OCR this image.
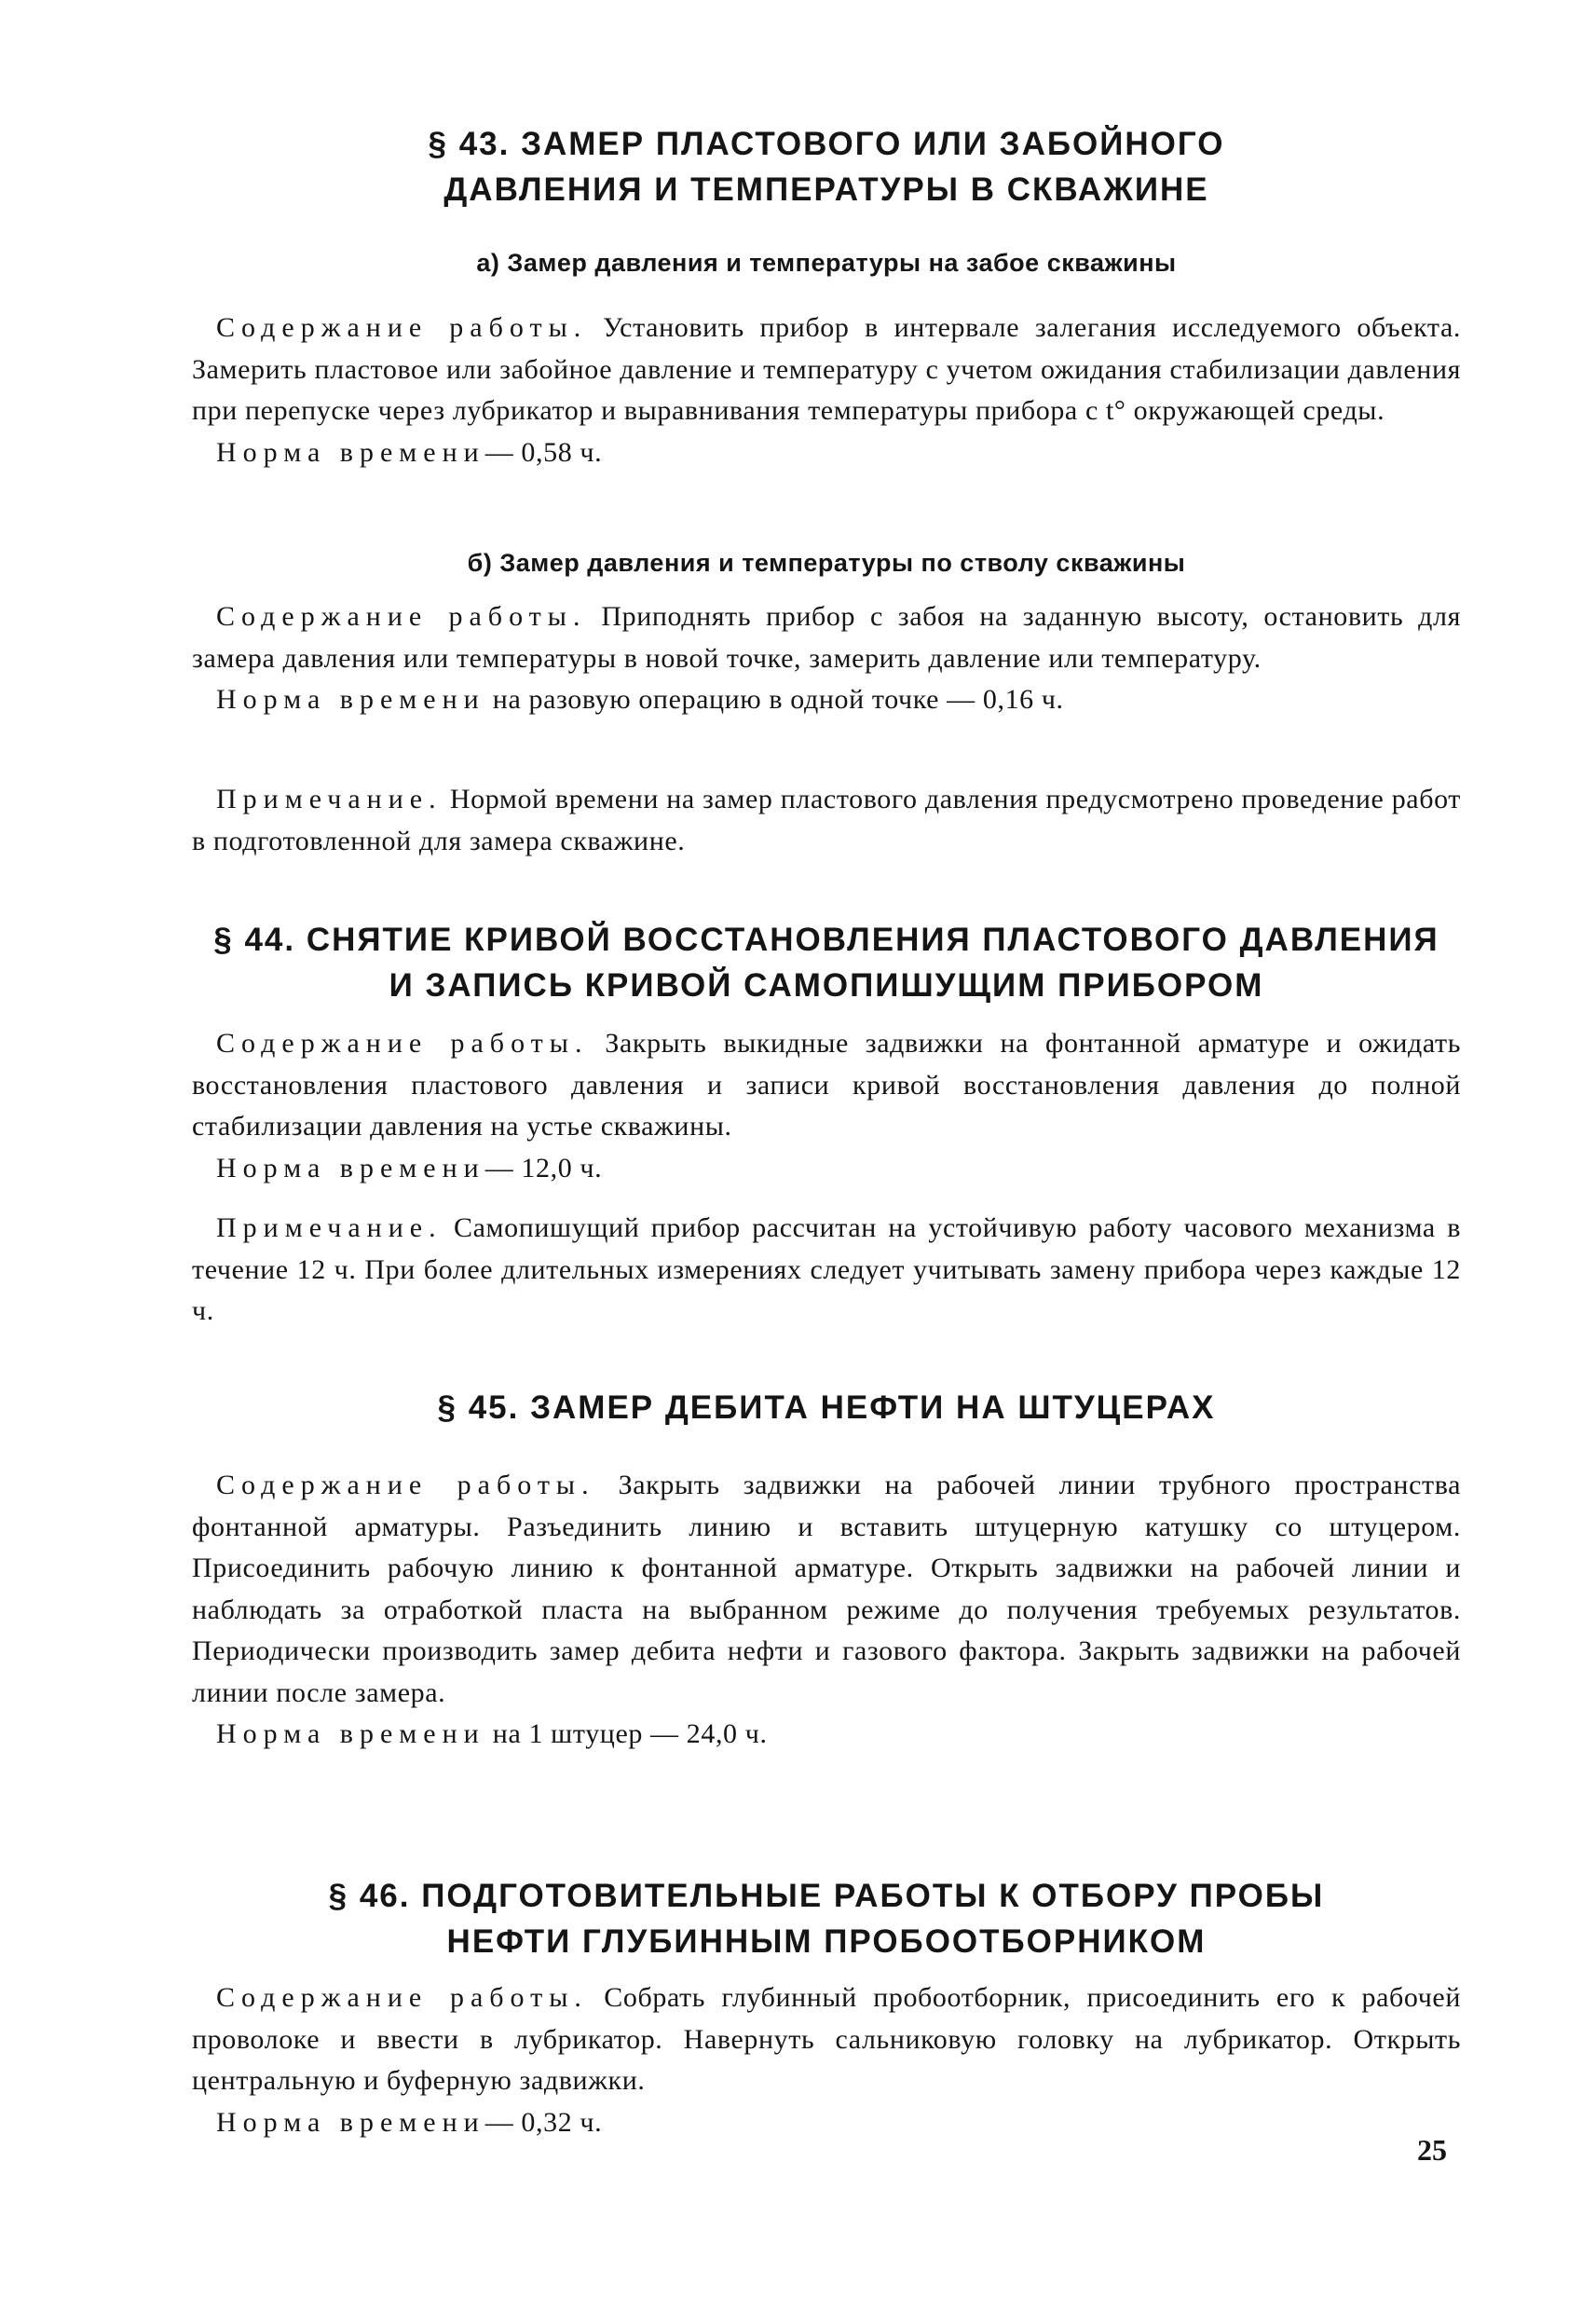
§ 43. ЗАМЕР ПЛАСТОВОГО ИЛИ ЗАБОЙНОГО

ДАВЛЕНИЯ И ТЕМПЕРАТУРЫ В СКВАЖИНЕ

а) Замер давления и температуры на забое скважины

Содержание работы. Установить прибор в интервале залегания исследуемого объекта. Замерить пластовое или забойное давление и температуру с учетом ожидания стабилизации давления при перепуске через лубрикатор и выравнивания температуры прибора с t° окружающей среды.

Норма времени— 0,58 ч.

б) Замер давления и температуры по стволу скважины

Содержание работы. Приподнять прибор с забоя на заданную высоту, остановить для замера давления или температуры в новой точке, замерить давление или температуру.

Норма времени на разовую операцию в одной точке — 0,16 ч.

Примечание. Нормой времени на замер пластового давления предусмотрено проведение работ в подготовленной для замера скважине.

§ 44. СНЯТИЕ КРИВОЙ ВОССТАНОВЛЕНИЯ ПЛАСТОВОГО ДАВЛЕНИЯ

И ЗАПИСЬ КРИВОЙ САМОПИШУЩИМ ПРИБОРОМ

Содержание работы. Закрыть выкидные задвижки на фонтанной арматуре и ожидать восстановления пластового давления и записи кривой восстановления давления до полной стабилизации давления на устье скважины.

Норма времени— 12,0 ч.

Примечание. Самопишущий прибор рассчитан на устойчивую работу часового механизма в течение 12 ч. При более длительных измерениях следует учитывать замену прибора через каждые 12 ч.

§ 45. ЗАМЕР ДЕБИТА НЕФТИ НА ШТУЦЕРАХ

Содержание работы. Закрыть задвижки на рабочей линии трубного пространства фонтанной арматуры. Разъединить линию и вставить штуцерную катушку со штуцером. Присоединить рабочую линию к фонтанной арматуре. Открыть задвижки на рабочей линии и наблюдать за отработкой пласта на выбранном режиме до получения требуемых результатов. Периодически производить замер дебита нефти и газового фактора. Закрыть задвижки на рабочей линии после замера.

Норма времени на 1 штуцер — 24,0 ч.

§ 46. ПОДГОТОВИТЕЛЬНЫЕ РАБОТЫ К ОТБОРУ ПРОБЫ

НЕФТИ ГЛУБИННЫМ ПРОБООТБОРНИКОМ

Содержание работы. Собрать глубинный пробоотборник, присоединить его к рабочей проволоке и ввести в лубрикатор. Навернуть сальниковую головку на лубрикатор. Открыть центральную и буферную задвижки.

Норма времени— 0,32 ч.

25
